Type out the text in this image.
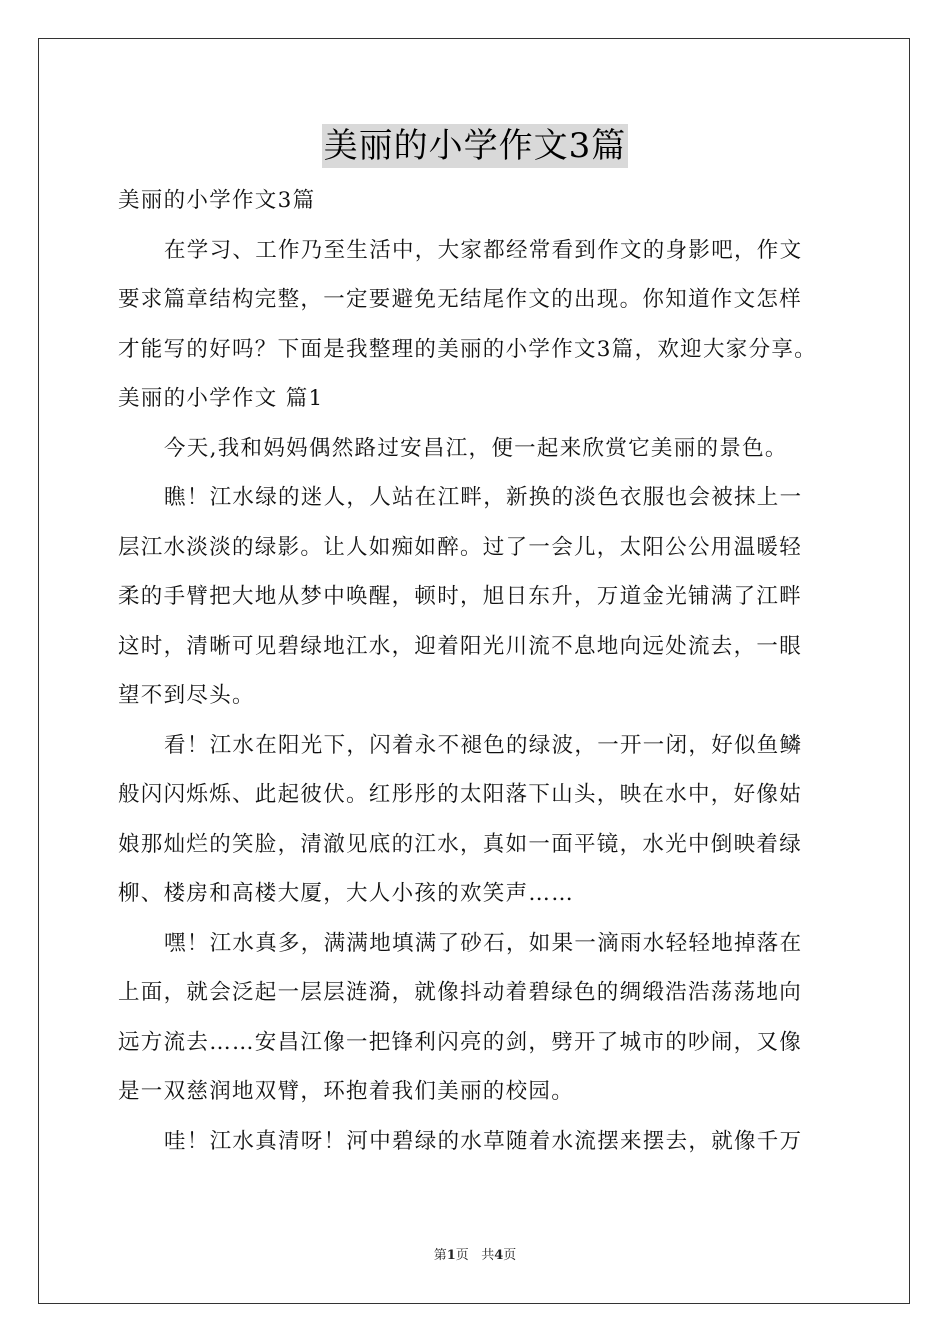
美丽的小学作文3篇
美丽的小学作文3篇
在学习、工作乃至生活中，大家都经常看到作文的身影吧，作文
要求篇章结构完整，一定要避免无结尾作文的出现。你知道作文怎样
才能写的好吗？下面是我整理的美丽的小学作文3篇，欢迎大家分享。
美丽的小学作文 篇1
今天,我和妈妈偶然路过安昌江，便一起来欣赏它美丽的景色。
瞧！江水绿的迷人，人站在江畔，新换的淡色衣服也会被抹上一
层江水淡淡的绿影。让人如痴如醉。过了一会儿，太阳公公用温暖轻
柔的手臂把大地从梦中唤醒，顿时，旭日东升，万道金光铺满了江畔
这时，清晰可见碧绿地江水，迎着阳光川流不息地向远处流去，一眼
望不到尽头。
看！江水在阳光下，闪着永不褪色的绿波，一开一闭，好似鱼鳞
般闪闪烁烁、此起彼伏。红彤彤的太阳落下山头，映在水中，好像姑
娘那灿烂的笑脸，清澈见底的江水，真如一面平镜，水光中倒映着绿
柳、楼房和高楼大厦，大人小孩的欢笑声……
嘿！江水真多，满满地填满了砂石，如果一滴雨水轻轻地掉落在
上面，就会泛起一层层涟漪，就像抖动着碧绿色的绸缎浩浩荡荡地向
远方流去……安昌江像一把锋利闪亮的剑，劈开了城市的吵闹，又像
是一双慈润地双臂，环抱着我们美丽的校园。
哇！江水真清呀！河中碧绿的水草随着水流摆来摆去，就像千万
第1页 共4页
